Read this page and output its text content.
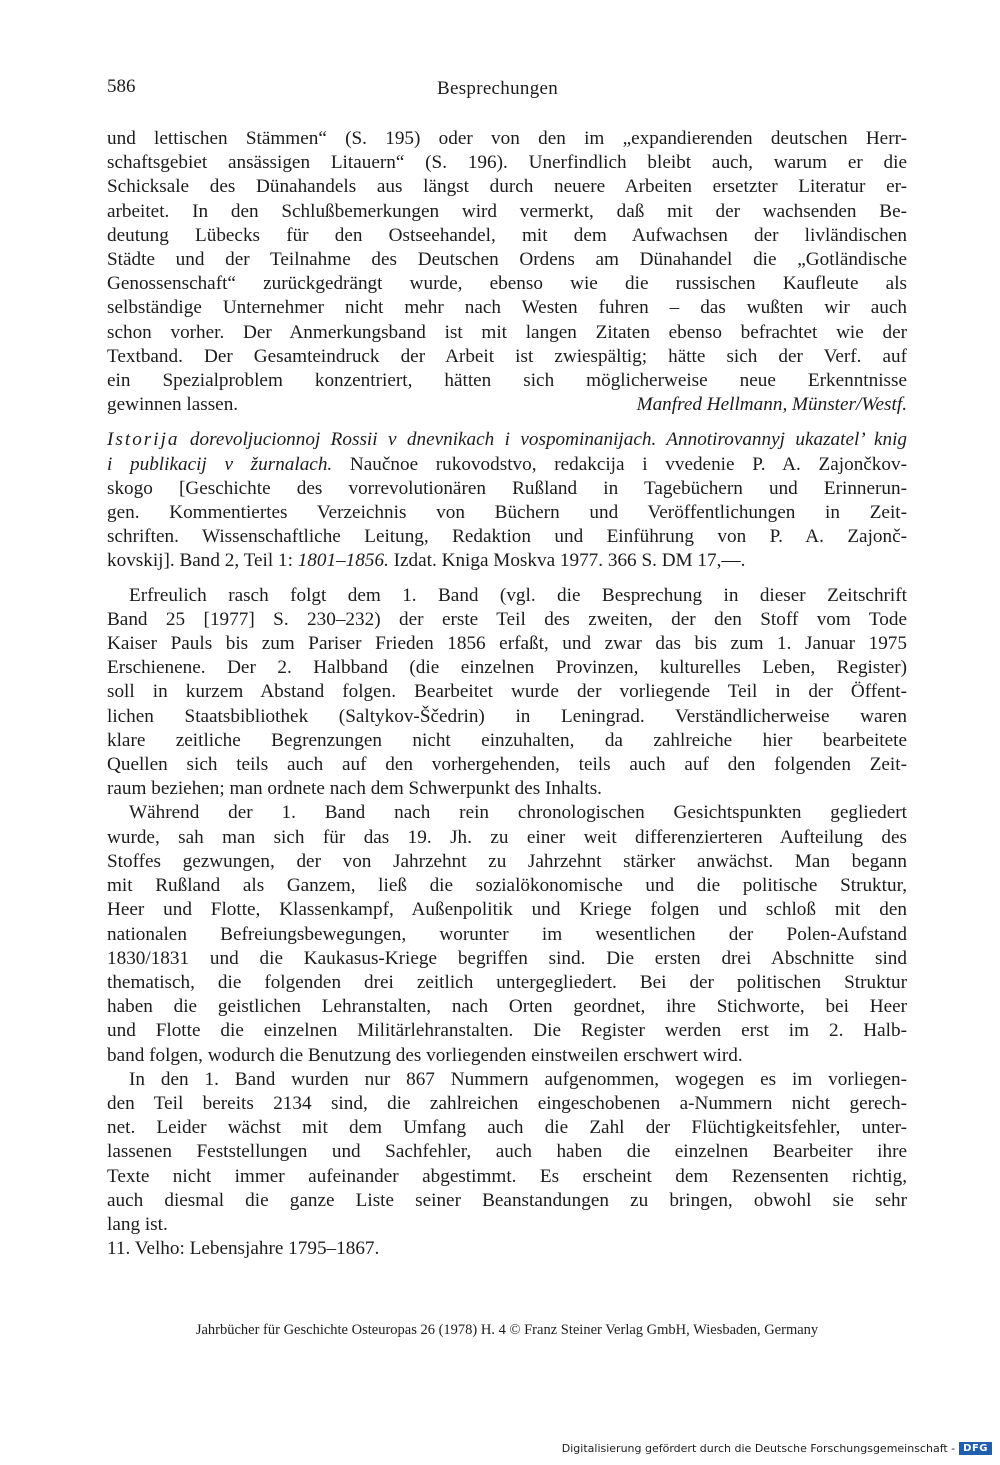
586	Besprechungen
und lettischen Stämmen“ (S. 195) oder von den im „expandierenden deutschen Herr-
schaftsgebiet ansässigen Litauern“ (S. 196). Unerfindlich bleibt auch, warum er die
Schicksale des Dünahandels aus längst durch neuere Arbeiten ersetzter Literatur er-
arbeitet. In den Schlußbemerkungen wird vermerkt, daß mit der wachsenden Be-
deutung Lübecks für den Ostseehandel, mit dem Aufwachsen der livländischen
Städte und der Teilnahme des Deutschen Ordens am Dünahandel die „Gotländische
Genossenschaft“ zurückgedrängt wurde, ebenso wie die russischen Kaufleute als
selbständige Unternehmer nicht mehr nach Westen fuhren – das wußten wir auch
schon vorher. Der Anmerkungsband ist mit langen Zitaten ebenso befrachtet wie der
Textband. Der Gesamteindruck der Arbeit ist zwiespältig; hätte sich der Verf. auf
ein Spezialproblem konzentriert, hätten sich möglicherweise neue Erkenntnisse
gewinnen lassen.	Manfred Hellmann, Münster/Westf.
Istorija dorevoljucionnoj Rossii v dnevnikach i vospominanijach. Annotirovannyj ukazatel’ knig
i publikacij v žurnalach. Naučnoe rukovodstvo, redakcija i vvedenie P. A. Zajončkov-
skogo [Geschichte des vorrevolutionären Rußland in Tagebüchern und Erinnerun-
gen. Kommentiertes Verzeichnis von Büchern und Veröffentlichungen in Zeit-
schriften. Wissenschaftliche Leitung, Redaktion und Einführung von P. A. Zajonč-
kovskij]. Band 2, Teil 1: 1801–1856. Izdat. Kniga Moskva 1977. 366 S. DM 17,—.
Erfreulich rasch folgt dem 1. Band (vgl. die Besprechung in dieser Zeitschrift
Band 25 [1977] S. 230–232) der erste Teil des zweiten, der den Stoff vom Tode
Kaiser Pauls bis zum Pariser Frieden 1856 erfaßt, und zwar das bis zum 1. Januar 1975
Erschienene. Der 2. Halbband (die einzelnen Provinzen, kulturelles Leben, Register)
soll in kurzem Abstand folgen. Bearbeitet wurde der vorliegende Teil in der Öffent-
lichen Staatsbibliothek (Saltykov-Ščedrin) in Leningrad. Verständlicherweise waren
klare zeitliche Begrenzungen nicht einzuhalten, da zahlreiche hier bearbeitete
Quellen sich teils auch auf den vorhergehenden, teils auch auf den folgenden Zeit-
raum beziehen; man ordnete nach dem Schwerpunkt des Inhalts.
Während der 1. Band nach rein chronologischen Gesichtspunkten gegliedert
wurde, sah man sich für das 19. Jh. zu einer weit differenzierteren Aufteilung des
Stoffes gezwungen, der von Jahrzehnt zu Jahrzehnt stärker anwächst. Man begann
mit Rußland als Ganzem, ließ die sozialökonomische und die politische Struktur,
Heer und Flotte, Klassenkampf, Außenpolitik und Kriege folgen und schloß mit den
nationalen Befreiungsbewegungen, worunter im wesentlichen der Polen-Aufstand
1830/1831 und die Kaukasus-Kriege begriffen sind. Die ersten drei Abschnitte sind
thematisch, die folgenden drei zeitlich untergegliedert. Bei der politischen Struktur
haben die geistlichen Lehranstalten, nach Orten geordnet, ihre Stichworte, bei Heer
und Flotte die einzelnen Militärlehranstalten. Die Register werden erst im 2. Halb-
band folgen, wodurch die Benutzung des vorliegenden einstweilen erschwert wird.
In den 1. Band wurden nur 867 Nummern aufgenommen, wogegen es im vorliegen-
den Teil bereits 2134 sind, die zahlreichen eingeschobenen a-Nummern nicht gerech-
net. Leider wächst mit dem Umfang auch die Zahl der Flüchtigkeitsfehler, unter-
lassenen Feststellungen und Sachfehler, auch haben die einzelnen Bearbeiter ihre
Texte nicht immer aufeinander abgestimmt. Es erscheint dem Rezensenten richtig,
auch diesmal die ganze Liste seiner Beanstandungen zu bringen, obwohl sie sehr
lang ist.
11. Velho: Lebensjahre 1795–1867.
Jahrbücher für Geschichte Osteuropas 26 (1978) H. 4 © Franz Steiner Verlag GmbH, Wiesbaden, Germany
Digitalisierung gefördert durch die Deutsche Forschungsgemeinschaft - DFG
